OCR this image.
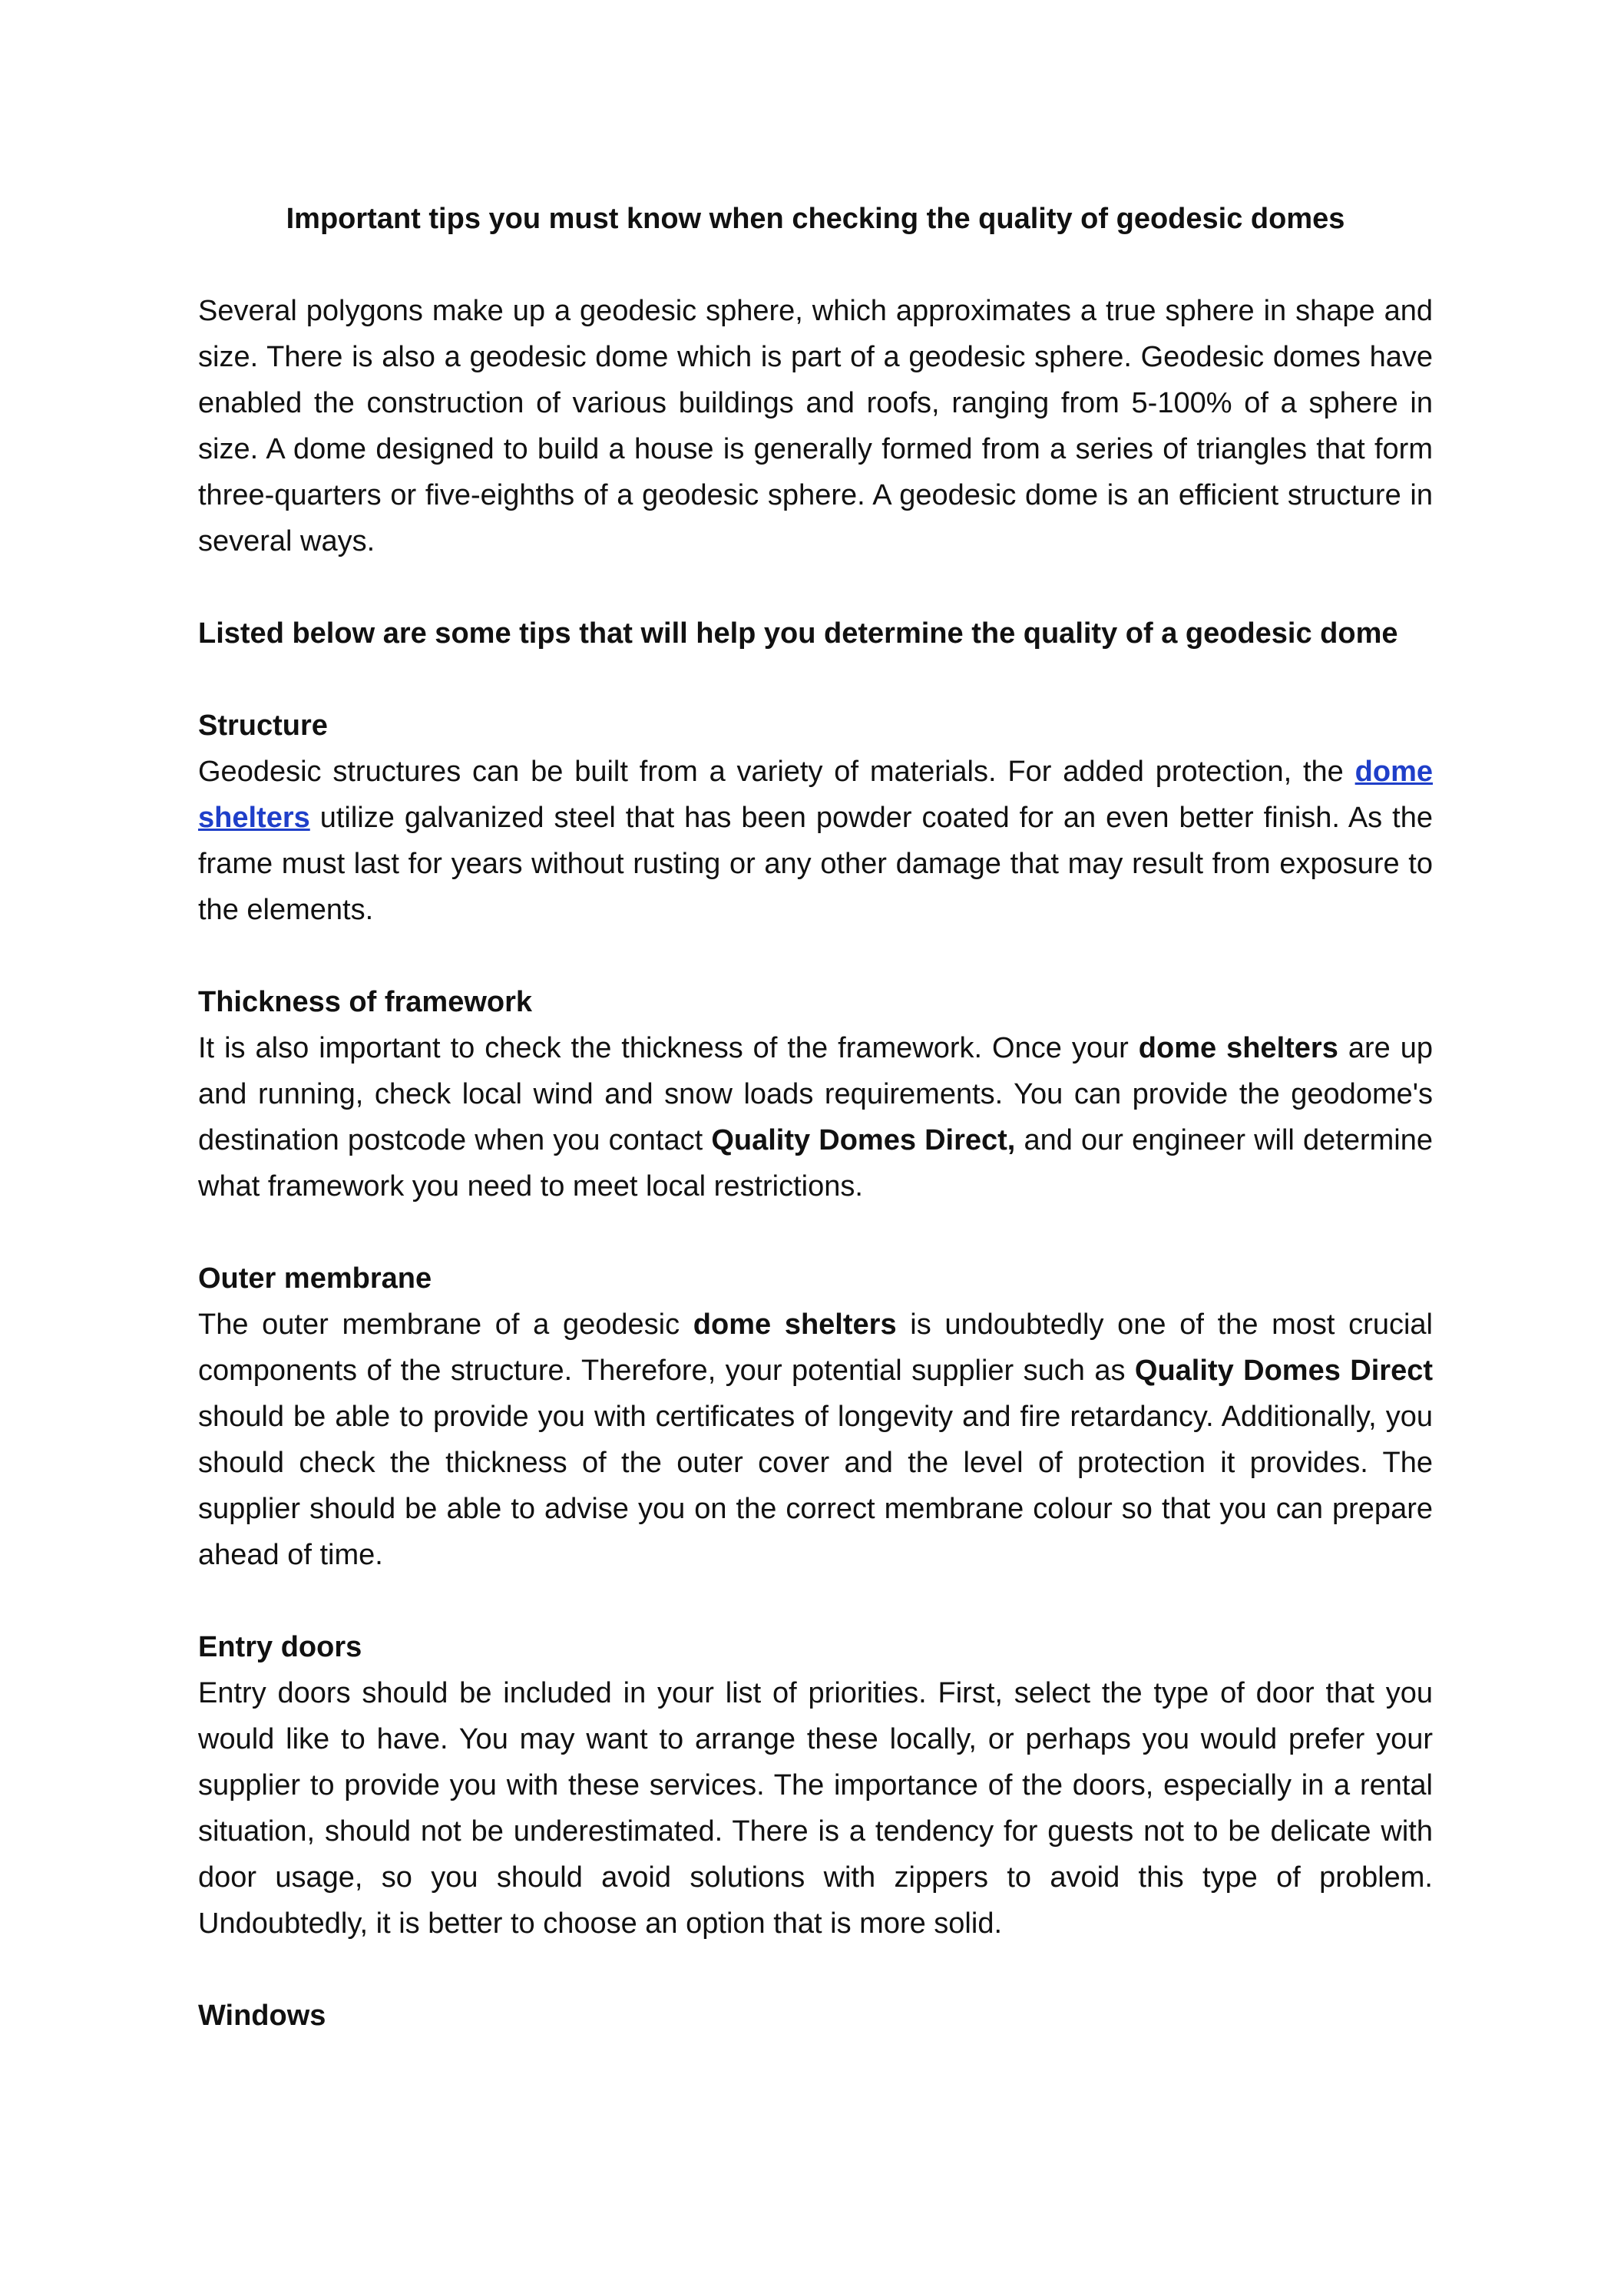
Important tips you must know when checking the quality of geodesic domes

Several polygons make up a geodesic sphere, which approximates a true sphere in shape and size. There is also a geodesic dome which is part of a geodesic sphere. Geodesic domes have enabled the construction of various buildings and roofs, ranging from 5-100% of a sphere in size. A dome designed to build a house is generally formed from a series of triangles that form three-quarters or five-eighths of a geodesic sphere. A geodesic dome is an efficient structure in several ways.

Listed below are some tips that will help you determine the quality of a geodesic dome
Structure

Geodesic structures can be built from a variety of materials. For added protection, the dome shelters utilize galvanized steel that has been powder coated for an even better finish. As the frame must last for years without rusting or any other damage that may result from exposure to the elements.

Thickness of framework

It is also important to check the thickness of the framework. Once your dome shelters are up and running, check local wind and snow loads requirements. You can provide the geodome's destination postcode when you contact Quality Domes Direct, and our engineer will determine what framework you need to meet local restrictions.

Outer membrane

The outer membrane of a geodesic dome shelters is undoubtedly one of the most crucial components of the structure. Therefore, your potential supplier such as Quality Domes Direct should be able to provide you with certificates of longevity and fire retardancy. Additionally, you should check the thickness of the outer cover and the level of protection it provides. The supplier should be able to advise you on the correct membrane colour so that you can prepare ahead of time.

Entry doors

Entry doors should be included in your list of priorities. First, select the type of door that you would like to have. You may want to arrange these locally, or perhaps you would prefer your supplier to provide you with these services. The importance of the doors, especially in a rental situation, should not be underestimated. There is a tendency for guests not to be delicate with door usage, so you should avoid solutions with zippers to avoid this type of problem. Undoubtedly, it is better to choose an option that is more solid.

Windows
